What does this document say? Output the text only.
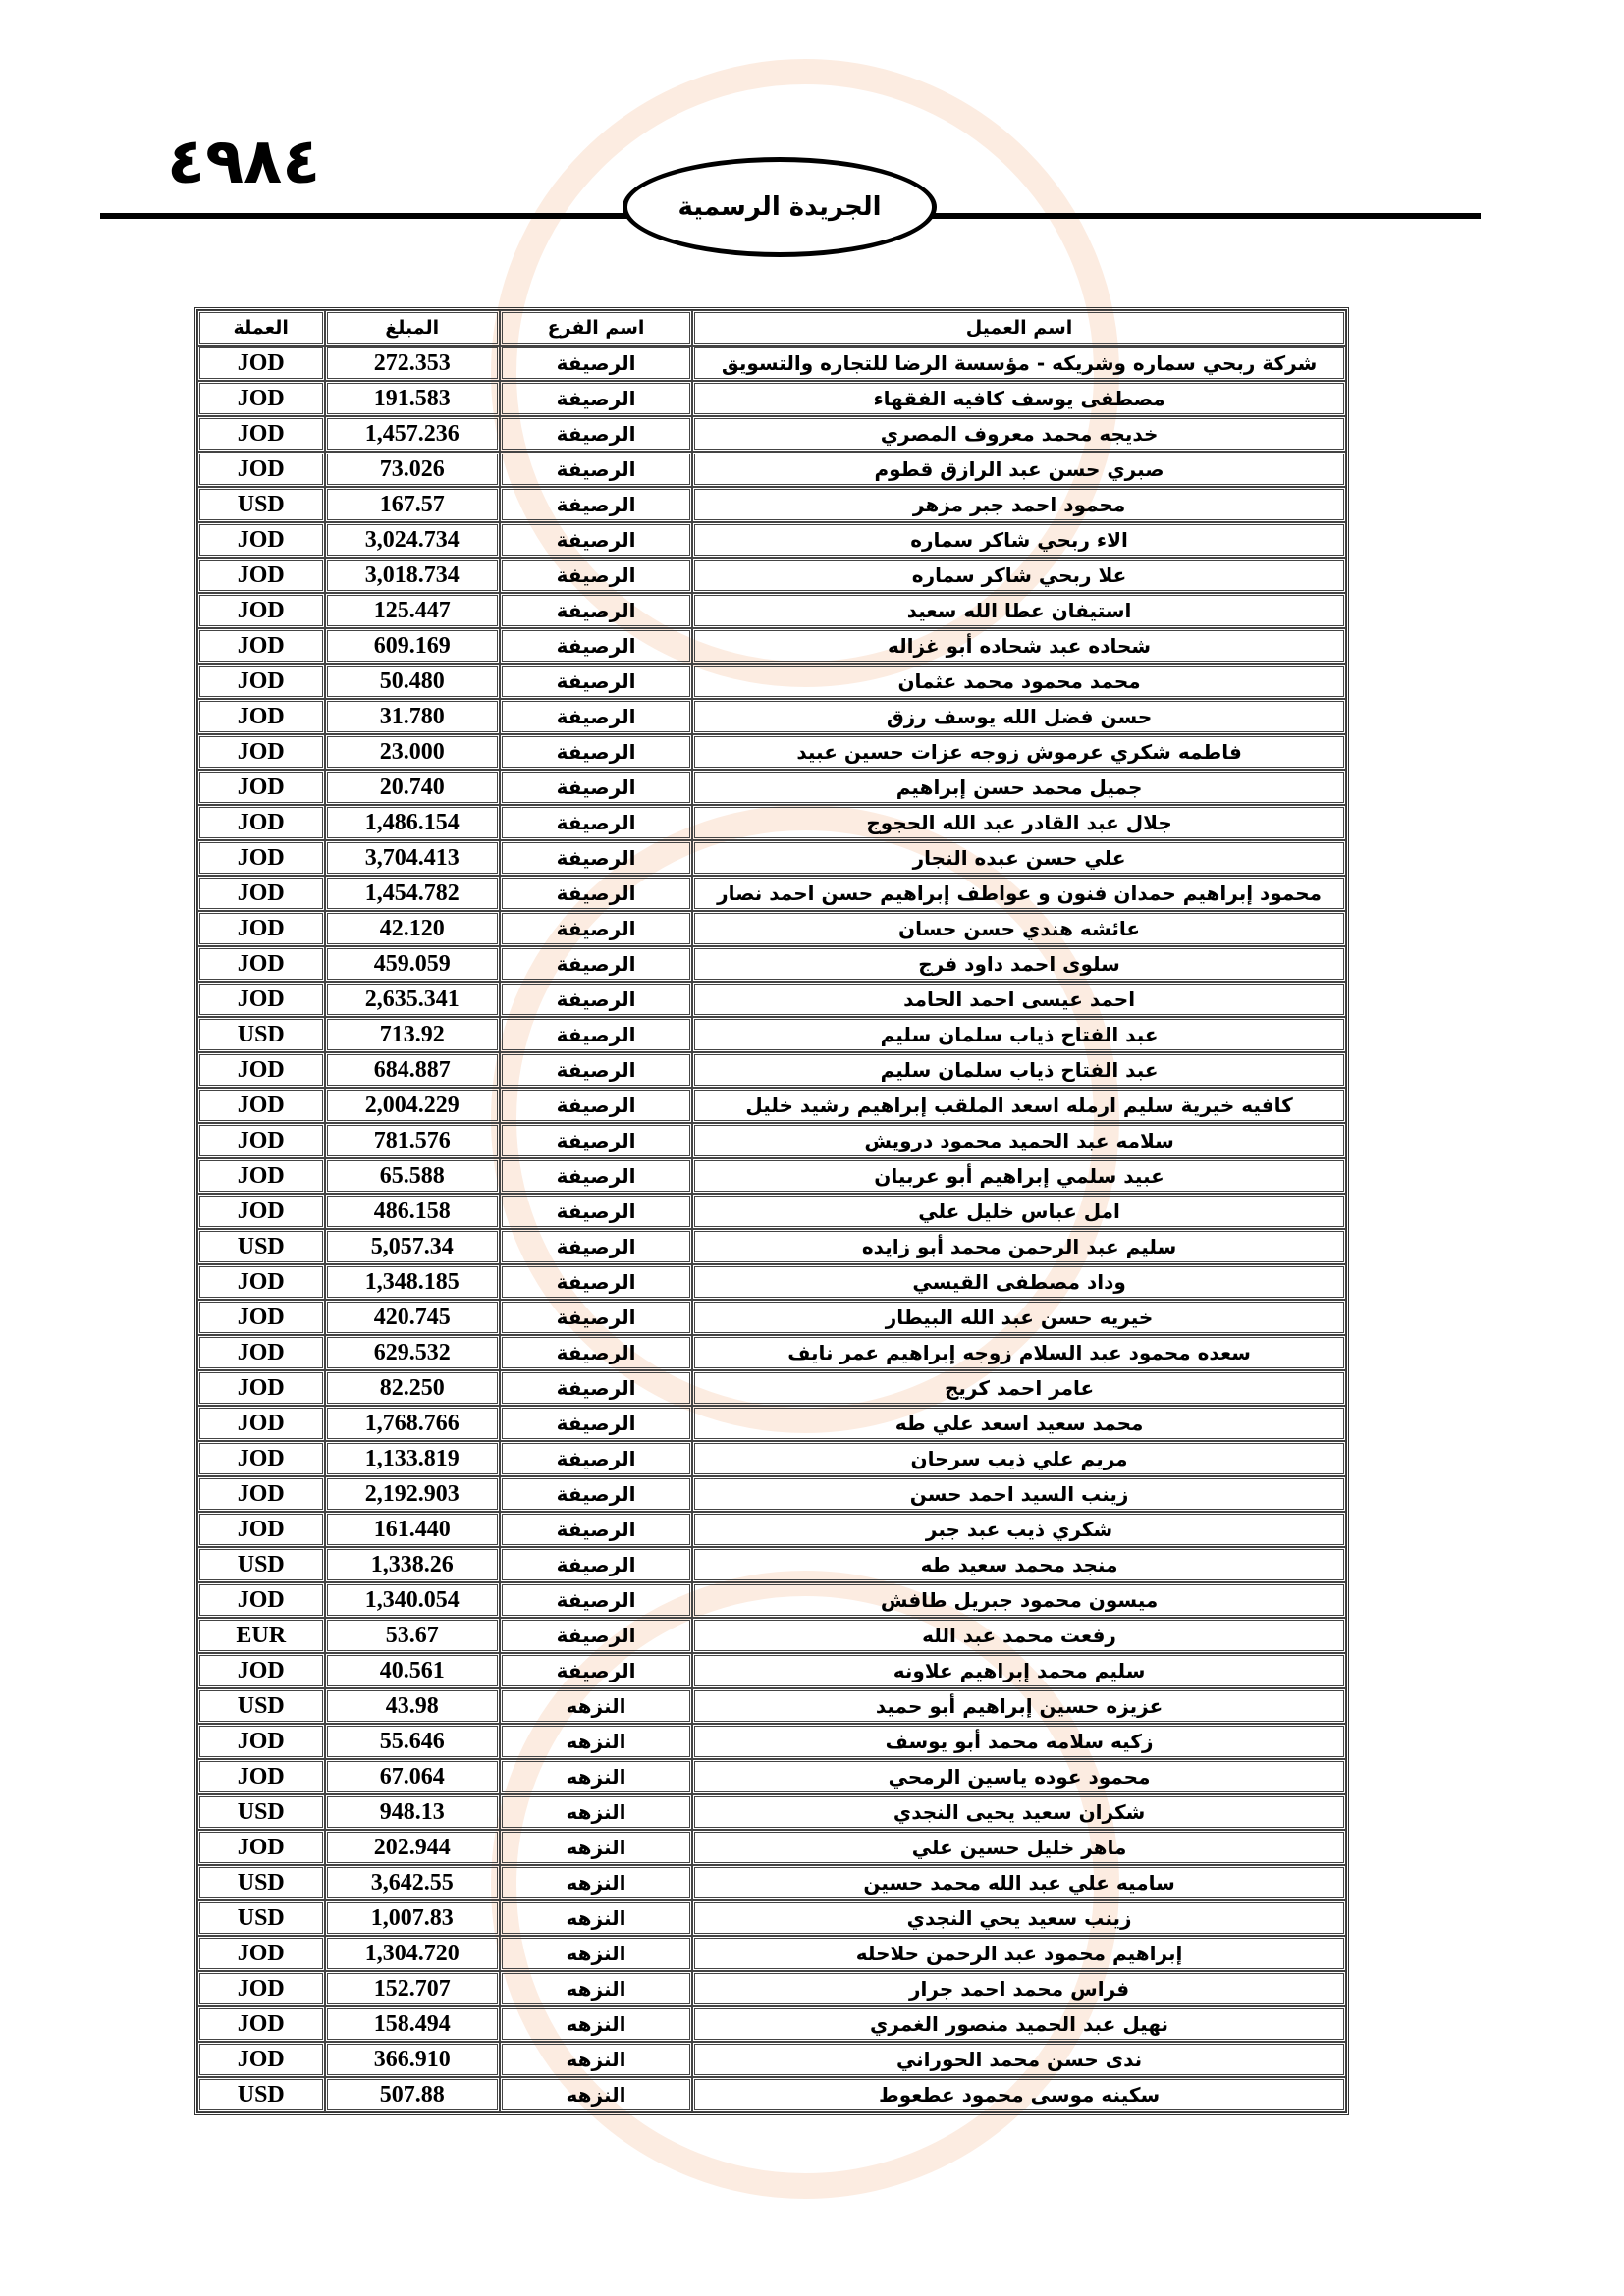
٤٩٨٤
الجريدة الرسمية
العملة	المبلغ	اسم الفرع	اسم العميل
JOD	272.353	الرصيفة	شركة ربحي سماره وشريكه - مؤسسة الرضا للتجاره والتسويق
JOD	191.583	الرصيفة	مصطفى يوسف كافيه الفقهاء
JOD	1,457.236	الرصيفة	خديجه محمد معروف المصري
JOD	73.026	الرصيفة	صبري حسن عبد الرازق قطوم
USD	167.57	الرصيفة	محمود احمد جبر مزهر
JOD	3,024.734	الرصيفة	الاء ربحي شاكر سماره
JOD	3,018.734	الرصيفة	علا ربحي شاكر سماره
JOD	125.447	الرصيفة	استيفان عطا الله سعيد
JOD	609.169	الرصيفة	شحاده عبد شحاده أبو غزاله
JOD	50.480	الرصيفة	محمد محمود محمد عثمان
JOD	31.780	الرصيفة	حسن فضل الله يوسف رزق
JOD	23.000	الرصيفة	فاطمه شكري عرموش زوجه عزات حسين عبيد
JOD	20.740	الرصيفة	جميل محمد حسن إبراهيم
JOD	1,486.154	الرصيفة	جلال عبد القادر عبد الله الحجوج
JOD	3,704.413	الرصيفة	علي حسن عبده النجار
JOD	1,454.782	الرصيفة	محمود إبراهيم حمدان فنون و عواطف إبراهيم حسن احمد نصار
JOD	42.120	الرصيفة	عائشه هندي حسن حسان
JOD	459.059	الرصيفة	سلوى احمد داود فرج
JOD	2,635.341	الرصيفة	احمد عيسى احمد الحامد
USD	713.92	الرصيفة	عبد الفتاح ذياب سلمان سليم
JOD	684.887	الرصيفة	عبد الفتاح ذياب سلمان سليم
JOD	2,004.229	الرصيفة	كافيه خيرية سليم ارمله اسعد الملقب إبراهيم رشيد خليل
JOD	781.576	الرصيفة	سلامه عبد الحميد محمود درويش
JOD	65.588	الرصيفة	عبيد سلمي إبراهيم أبو عربيان
JOD	486.158	الرصيفة	امل عباس خليل علي
USD	5,057.34	الرصيفة	سليم عبد الرحمن محمد أبو زايده
JOD	1,348.185	الرصيفة	وداد مصطفى القيسي
JOD	420.745	الرصيفة	خيريه حسن عبد الله البيطار
JOD	629.532	الرصيفة	سعده محمود عبد السلام زوجه إبراهيم عمر نايف
JOD	82.250	الرصيفة	عامر احمد كريج
JOD	1,768.766	الرصيفة	محمد سعيد اسعد علي طه
JOD	1,133.819	الرصيفة	مريم علي ذيب سرحان
JOD	2,192.903	الرصيفة	زينب السيد احمد حسن
JOD	161.440	الرصيفة	شكري ذيب عبد جبر
USD	1,338.26	الرصيفة	منجد محمد سعيد طه
JOD	1,340.054	الرصيفة	ميسون محمود جبريل طافش
EUR	53.67	الرصيفة	رفعت محمد عبد الله
JOD	40.561	الرصيفة	سليم محمد إبراهيم علاونه
USD	43.98	النزهه	عزيزه حسين إبراهيم أبو حميد
JOD	55.646	النزهه	زكيه سلامه محمد أبو يوسف
JOD	67.064	النزهه	محمود عوده ياسين الرمحي
USD	948.13	النزهه	شكران سعيد يحيى النجدي
JOD	202.944	النزهه	ماهر خليل حسين علي
USD	3,642.55	النزهه	ساميه علي عبد الله محمد حسين
USD	1,007.83	النزهه	زينب سعيد يحي النجدي
JOD	1,304.720	النزهه	إبراهيم محمود عبد الرحمن حلاحله
JOD	152.707	النزهه	فراس محمد احمد جرار
JOD	158.494	النزهه	نهيل عبد الحميد منصور الغمري
JOD	366.910	النزهه	ندى حسن محمد الحوراني
USD	507.88	النزهه	سكينه موسى محمود عطعوط
